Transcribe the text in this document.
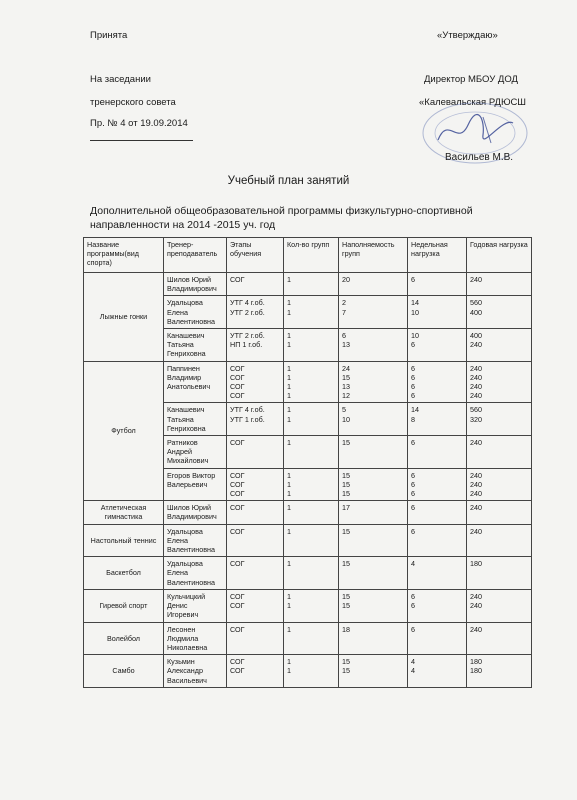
Принята
На заседании
тренерского совета
Пр. № 4 от 19.09.2014
«Утверждаю»
Директор МБОУ ДОД
«Калевальская РДЮСШ
Васильев М.В.
Учебный план занятий
Дополнительной общеобразовательной программы физкультурно-спортивной направленности на 2014 -2015 уч. год
Название программы(вид спорта)	Тренер-преподаватель	Этапы обучения	Кол-во групп	Наполняемость групп	Недельная нагрузка	Годовая нагрузка
Лыжные гонки	Шилов Юрий
Владимирович	СОГ	1	20	6	240

	Удальцова
Елена
Валентиновна	УТГ 4 г.об.
УТГ 2 г.об.	1
1	2
7	14
10	560
400

	Канашевич
Татьяна
Генриховна	УТГ 2 г.об.
НП 1 г.об.	1
1	6
13	10
6	400
240

Футбол	Паппинен
Владимир
Анатольевич	СОГ
СОГ
СОГ
СОГ	1
1
1
1	24
15
13
12	6
6
6
6	240
240
240
240

	Канашевич
Татьяна
Генриховна	УТГ 4 г.об.
УТГ 1 г.об.	1
1	5
10	14
8	560
320

	Ратников
Андрей
Михайлович	СОГ	1	15	6	240

	Егоров Виктор
Валерьевич	СОГ
СОГ
СОГ	1
1
1	15
15
15	6
6
6	240
240
240

Атлетическая гимнастика	Шилов Юрий
Владимирович	СОГ	1	17	6	240

Настольный теннис	Удальцова
Елена
Валентиновна	СОГ	1	15	6	240

Баскетбол	Удальцова
Елена
Валентиновна	СОГ	1	15	4	180

Гиревой спорт	Кульчицкий
Денис
Игоревич	СОГ
СОГ	1
1	15
15	6
6	240
240

Волейбол	Лесонен
Людмила
Николаевна	СОГ	1	18	6	240

Самбо	Кузьмин
Александр
Васильевич	СОГ
СОГ	1
1	15
15	4
4	180
180
